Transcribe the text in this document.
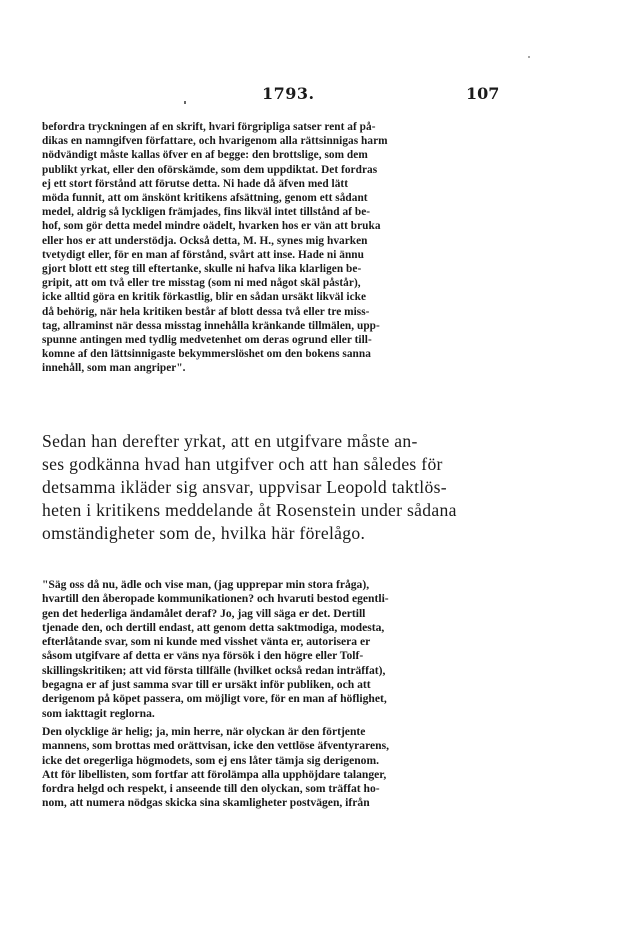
1793.	107
befordra tryckningen af en skrift, hvari förgripliga satser rent af på-
dikas en namngifven författare, och hvarigenom alla rättsinnigas harm
nödvändigt måste kallas öfver en af begge: den brottslige, som dem
publikt yrkat, eller den oförskämde, som dem uppdiktat. Det fordras
ej ett stort förstånd att förutse detta. Ni hade då äfven med lätt
möda funnit, att om änskönt kritikens afsättning, genom ett sådant
medel, aldrig så lyckligen främjades, fins likväl intet tillstånd af be-
hof, som gör detta medel mindre oädelt, hvarken hos er vän att bruka
eller hos er att understödja. Också detta, M. H., synes mig hvarken
tvetydigt eller, för en man af förstånd, svårt att inse. Hade ni ännu
gjort blott ett steg till eftertanke, skulle ni hafva lika klarligen be-
gripit, att om två eller tre misstag (som ni med något skäl påstår),
icke alltid göra en kritik förkastlig, blir en sådan ursäkt likväl icke
då behörig, när hela kritiken består af blott dessa två eller tre miss-
tag, allraminst när dessa misstag innehålla kränkande tillmälen, upp-
spunne antingen med tydlig medvetenhet om deras ogrund eller till-
komne af den lättsinnigaste bekymmerslöshet om den bokens sanna
innehåll, som man angriper".
Sedan han derefter yrkat, att en utgifvare måste an-
ses godkänna hvad han utgifver och att han således för
detsamma ikläder sig ansvar, uppvisar Leopold taktlös-
heten i kritikens meddelande åt Rosenstein under sådana
omständigheter som de, hvilka här förelågo.
"Säg oss då nu, ädle och vise man, (jag upprepar min stora fråga),
hvartill den åberopade kommunikationen? och hvaruti bestod egentli-
gen det hederliga ändamålet deraf? Jo, jag vill säga er det. Dertill
tjenade den, och dertill endast, att genom detta saktmodiga, modesta,
efterlåtande svar, som ni kunde med visshet vänta er, autorisera er
såsom utgifvare af detta er väns nya försök i den högre eller Tolf-
skillingskritiken; att vid första tillfälle (hvilket också redan inträffat),
begagna er af just samma svar till er ursäkt inför publiken, och att
derigenom på köpet passera, om möjligt vore, för en man af höflighet,
som iakttagit reglorna.
Den olycklige är helig; ja, min herre, när olyckan är den förtjente
mannens, som brottas med orättvisan, icke den vettlöse äfventyrarens,
icke det oregerliga högmodets, som ej ens låter tämja sig derigenom.
Att för libellisten, som fortfar att förolämpa alla upphöjdare talanger,
fordra helgd och respekt, i anseende till den olyckan, som träffat ho-
nom, att numera nödgas skicka sina skamligheter postvägen, ifrån
